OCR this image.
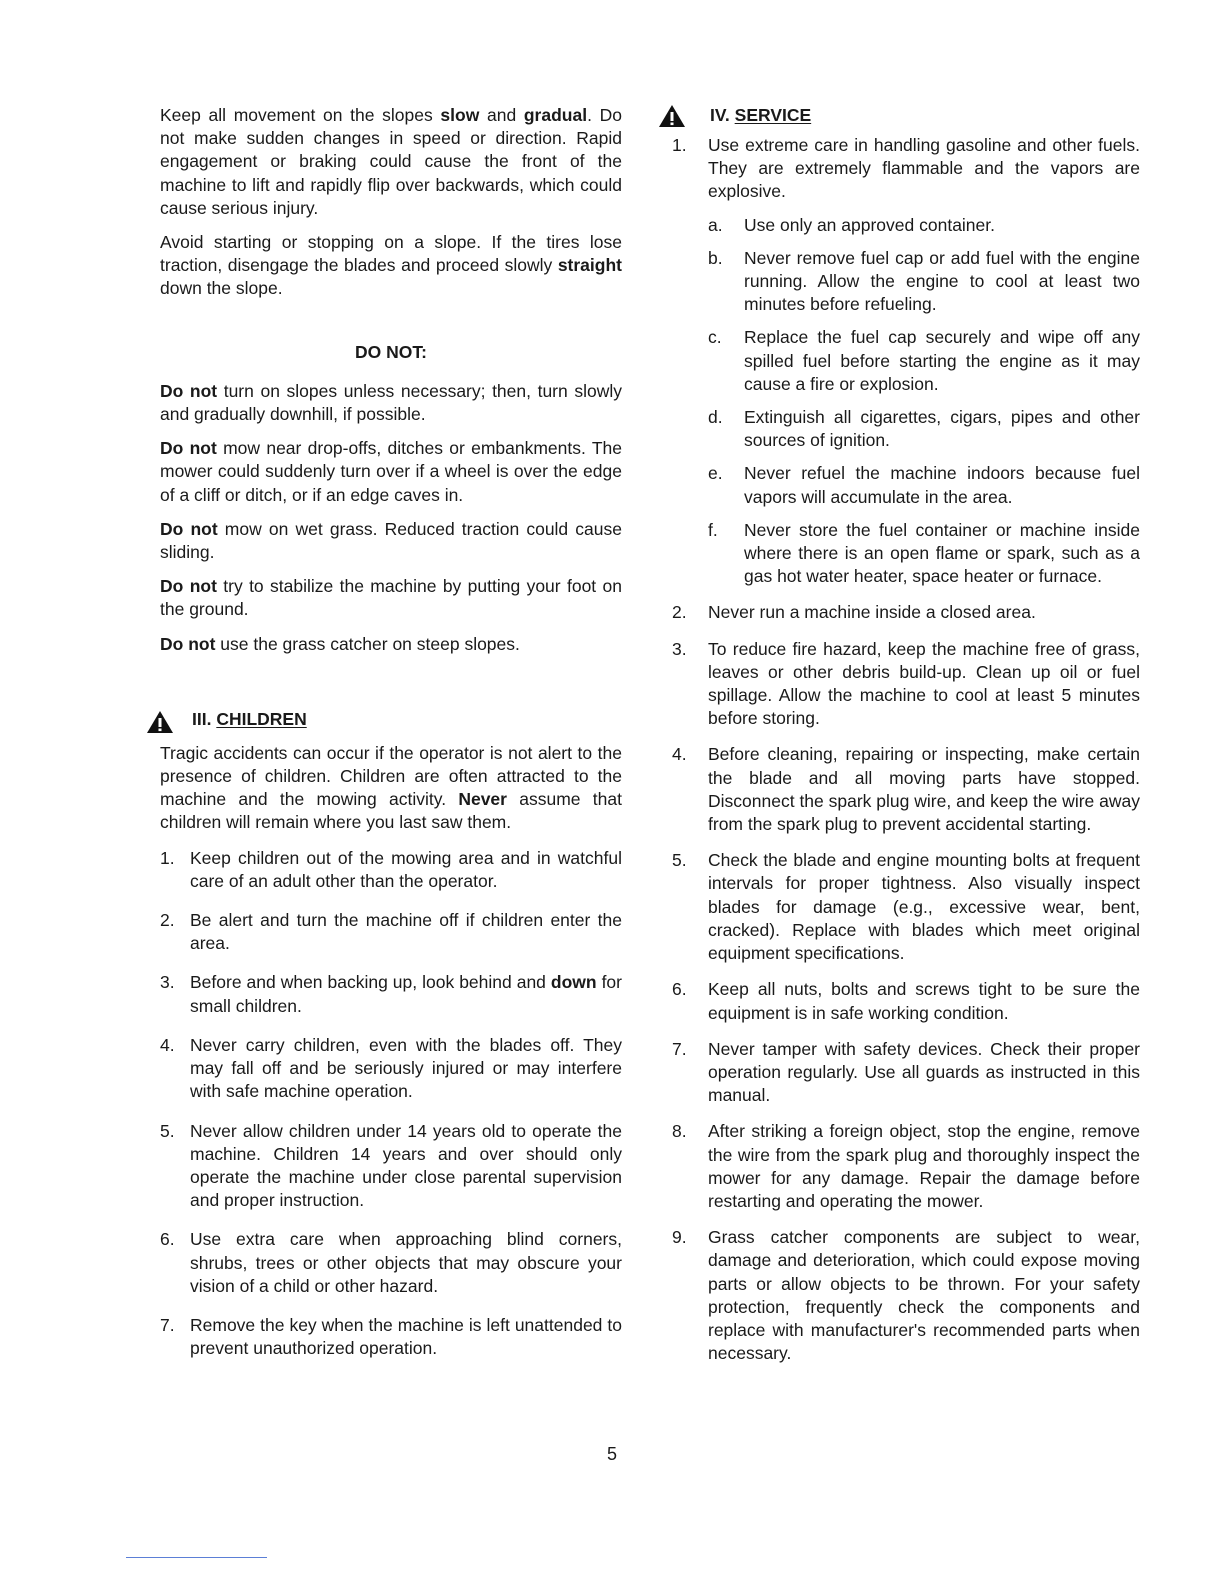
Keep all movement on the slopes slow and gradual. Do not make sudden changes in speed or direction. Rapid engagement or braking could cause the front of the machine to lift and rapidly flip over backwards, which could cause serious injury.

Avoid starting or stopping on a slope. If the tires lose traction, disengage the blades and proceed slowly straight down the slope.

DO NOT:

Do not turn on slopes unless necessary; then, turn slowly and gradually downhill, if possible.

Do not mow near drop-offs, ditches or embankments. The mower could suddenly turn over if a wheel is over the edge of a cliff or ditch, or if an edge caves in.

Do not mow on wet grass. Reduced traction could cause sliding.

Do not try to stabilize the machine by putting your foot on the ground.

Do not use the grass catcher on steep slopes.

III. CHILDREN

Tragic accidents can occur if the operator is not alert to the presence of children. Children are often attracted to the machine and the mowing activity. Never assume that children will remain where you last saw them.

1. Keep children out of the mowing area and in watchful care of an adult other than the operator.
2. Be alert and turn the machine off if children enter the area.
3. Before and when backing up, look behind and down for small children.
4. Never carry children, even with the blades off. They may fall off and be seriously injured or may interfere with safe machine operation.
5. Never allow children under 14 years old to operate the machine. Children 14 years and over should only operate the machine under close parental supervision and proper instruction.
6. Use extra care when approaching blind corners, shrubs, trees or other objects that may obscure your vision of a child or other hazard.
7. Remove the key when the machine is left unattended to prevent unauthorized operation.
IV. SERVICE
1. Use extreme care in handling gasoline and other fuels. They are extremely flammable and the vapors are explosive.
a. Use only an approved container.
b. Never remove fuel cap or add fuel with the engine running. Allow the engine to cool at least two minutes before refueling.
c. Replace the fuel cap securely and wipe off any spilled fuel before starting the engine as it may cause a fire or explosion.
d. Extinguish all cigarettes, cigars, pipes and other sources of ignition.
e. Never refuel the machine indoors because fuel vapors will accumulate in the area.
f. Never store the fuel container or machine inside where there is an open flame or spark, such as a gas hot water heater, space heater or furnace.
2. Never run a machine inside a closed area.
3. To reduce fire hazard, keep the machine free of grass, leaves or other debris build-up. Clean up oil or fuel spillage. Allow the machine to cool at least 5 minutes before storing.
4. Before cleaning, repairing or inspecting, make certain the blade and all moving parts have stopped. Disconnect the spark plug wire, and keep the wire away from the spark plug to prevent accidental starting.
5. Check the blade and engine mounting bolts at frequent intervals for proper tightness. Also visually inspect blades for damage (e.g., excessive wear, bent, cracked). Replace with blades which meet original equipment specifications.
6. Keep all nuts, bolts and screws tight to be sure the equipment is in safe working condition.
7. Never tamper with safety devices. Check their proper operation regularly. Use all guards as instructed in this manual.
8. After striking a foreign object, stop the engine, remove the wire from the spark plug and thoroughly inspect the mower for any damage. Repair the damage before restarting and operating the mower.
9. Grass catcher components are subject to wear, damage and deterioration, which could expose moving parts or allow objects to be thrown. For your safety protection, frequently check the components and replace with manufacturer's recommended parts when necessary.
5
